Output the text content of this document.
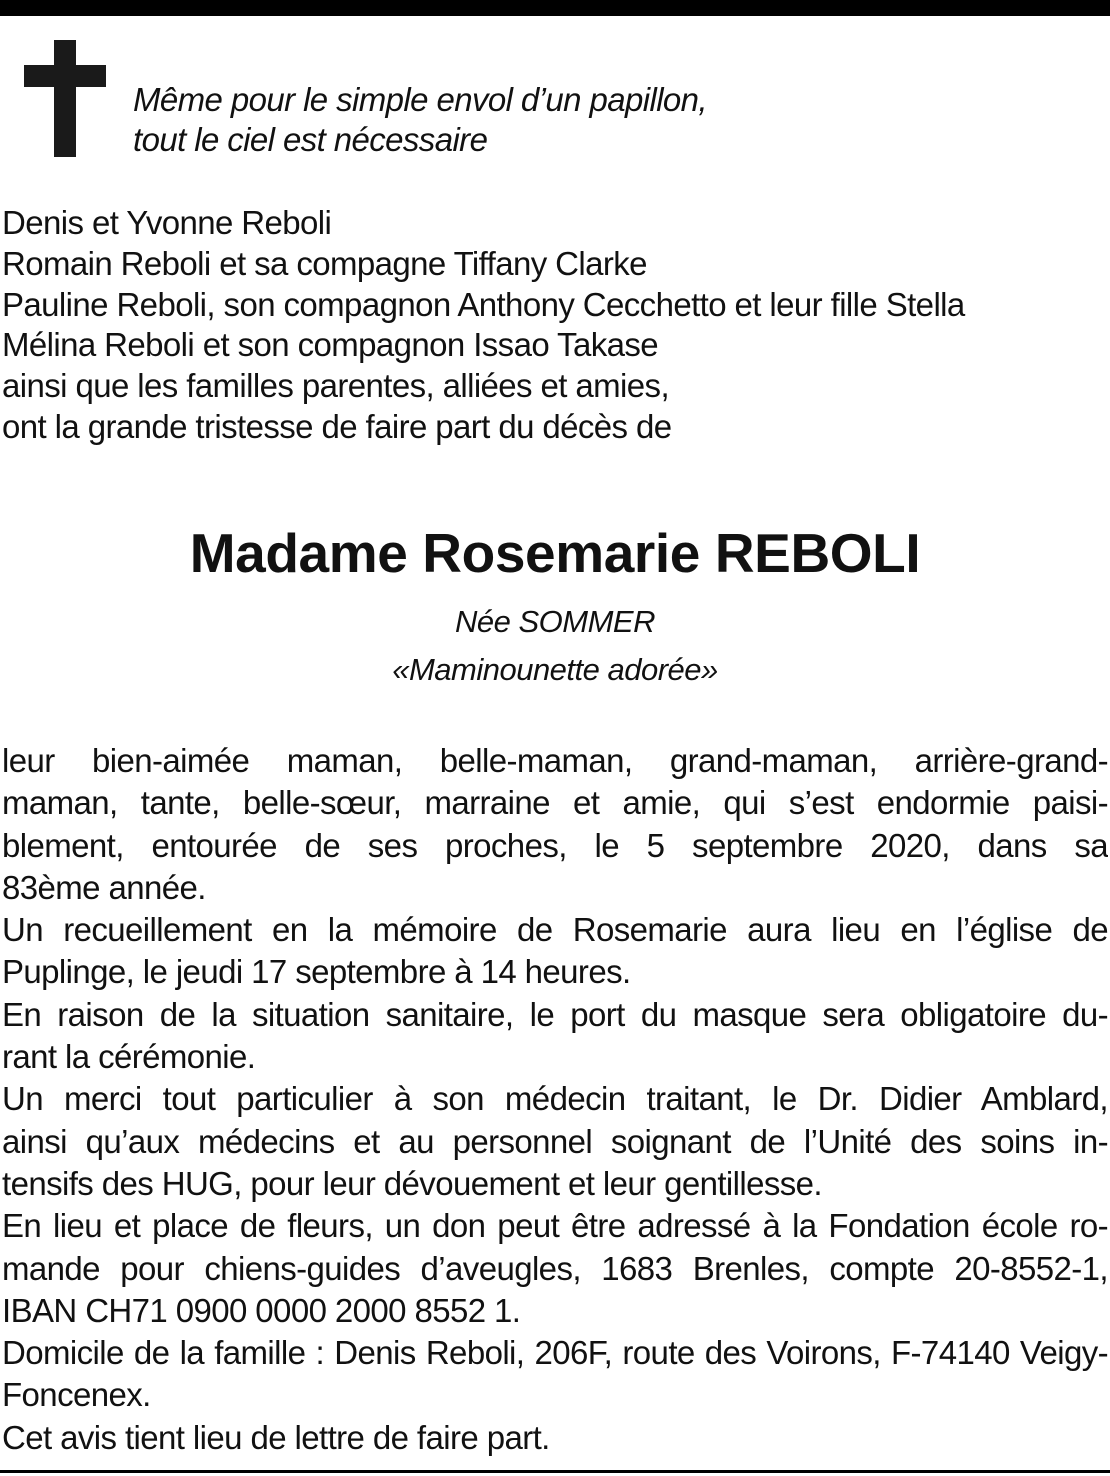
Même pour le simple envol d’un papillon,
tout le ciel est nécessaire
Denis et Yvonne Reboli
Romain Reboli et sa compagne Tiffany Clarke
Pauline Reboli, son compagnon Anthony Cecchetto et leur fille Stella
Mélina Reboli et son compagnon Issao Takase
ainsi que les familles parentes, alliées et amies,
ont la grande tristesse de faire part du décès de
Madame Rosemarie REBOLI
Née SOMMER
«Maminounette adorée»
leur bien-aimée maman, belle-maman, grand-maman, arrière-grand-
maman, tante, belle-sœur, marraine et amie, qui s’est endormie paisi-
blement, entourée de ses proches, le 5 septembre 2020, dans sa
83ème année.
Un recueillement en la mémoire de Rosemarie aura lieu en l’église de
Puplinge, le jeudi 17 septembre à 14 heures.
En raison de la situation sanitaire, le port du masque sera obligatoire du-
rant la cérémonie.
Un merci tout particulier à son médecin traitant, le Dr. Didier Amblard,
ainsi qu’aux médecins et au personnel soignant de l’Unité des soins in-
tensifs des HUG, pour leur dévouement et leur gentillesse.
En lieu et place de fleurs, un don peut être adressé à la Fondation école ro-
mande pour chiens-guides d’aveugles, 1683 Brenles, compte 20-8552-1,
IBAN CH71 0900 0000 2000 8552 1.
Domicile de la famille : Denis Reboli, 206F, route des Voirons, F-74140 Veigy-
Foncenex.
Cet avis tient lieu de lettre de faire part.
